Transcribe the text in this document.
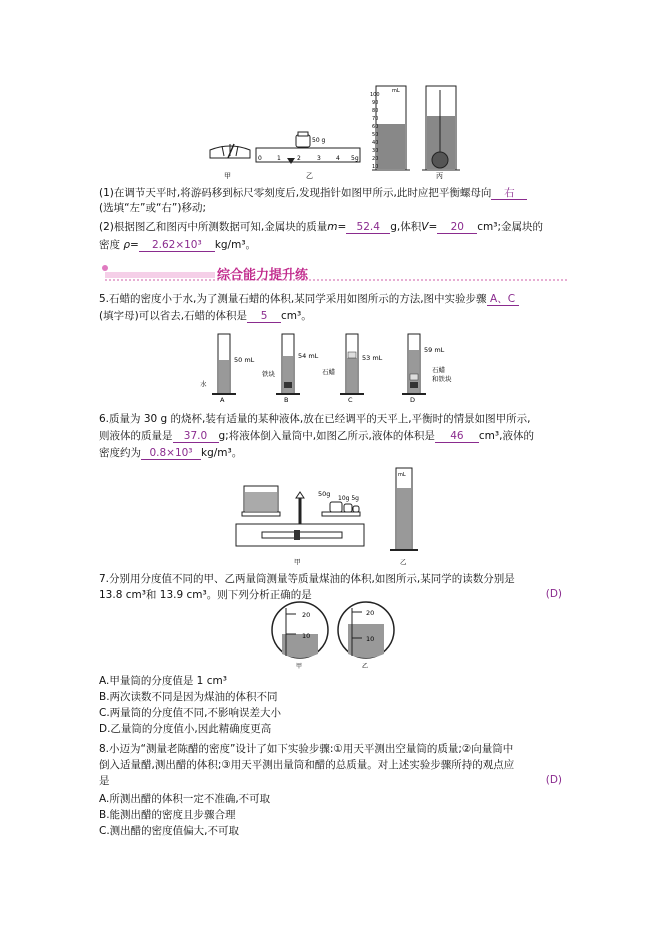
50 g
0	1	2	3	4 5g
甲	乙
mL
100
90
80
70
60
50
40
30
20
10
丙
(1)在调节天平时,将游码移到标尺零刻度后,发现指针如图甲所示,此时应把平衡螺母向 右
(选填“左”或“右”)移动;
(2)根据图乙和图丙中所测数据可知,金属块的质量m= 52.4 g,体积V= 20 cm³;金属块的
密度 ρ= 2.62×10³ kg/m³。
综合能力提升练
5.石蜡的密度小于水,为了测量石蜡的体积,某同学采用如图所示的方法,图中实验步骤 A、C
(填字母)可以省去,石蜡的体积是 5 cm³。
50 mL
水
A
54 mL
铁块
B
53 mL
石蜡
C
59 mL
石蜡
和铁块
D
6.质量为 30 g 的烧杯,装有适量的某种液体,放在已经调平的天平上,平衡时的情景如图甲所示,
则液体的质量是 37.0 g;将液体倒入量筒中,如图乙所示,液体的体积是 46 cm³,液体的
密度约为 0.8×10³ kg/m³。
50g
10g 5g
甲
mL
乙
7.分别用分度值不同的甲、乙两量筒测量等质量煤油的体积,如图所示,某同学的读数分别是
13.8 cm³和 13.9 cm³。则下列分析正确的是	(D)
20
10
甲
20
10
乙
A.甲量筒的分度值是 1 cm³
B.两次读数不同是因为煤油的体积不同
C.两量筒的分度值不同,不影响误差大小
D.乙量筒的分度值小,因此精确度更高
8.小迈为“测量老陈醋的密度”设计了如下实验步骤:①用天平测出空量筒的质量;②向量筒中
倒入适量醋,测出醋的体积;③用天平测出量筒和醋的总质量。对上述实验步骤所持的观点应
是	(D)
A.所测出醋的体积一定不准确,不可取
B.能测出醋的密度且步骤合理
C.测出醋的密度值偏大,不可取
